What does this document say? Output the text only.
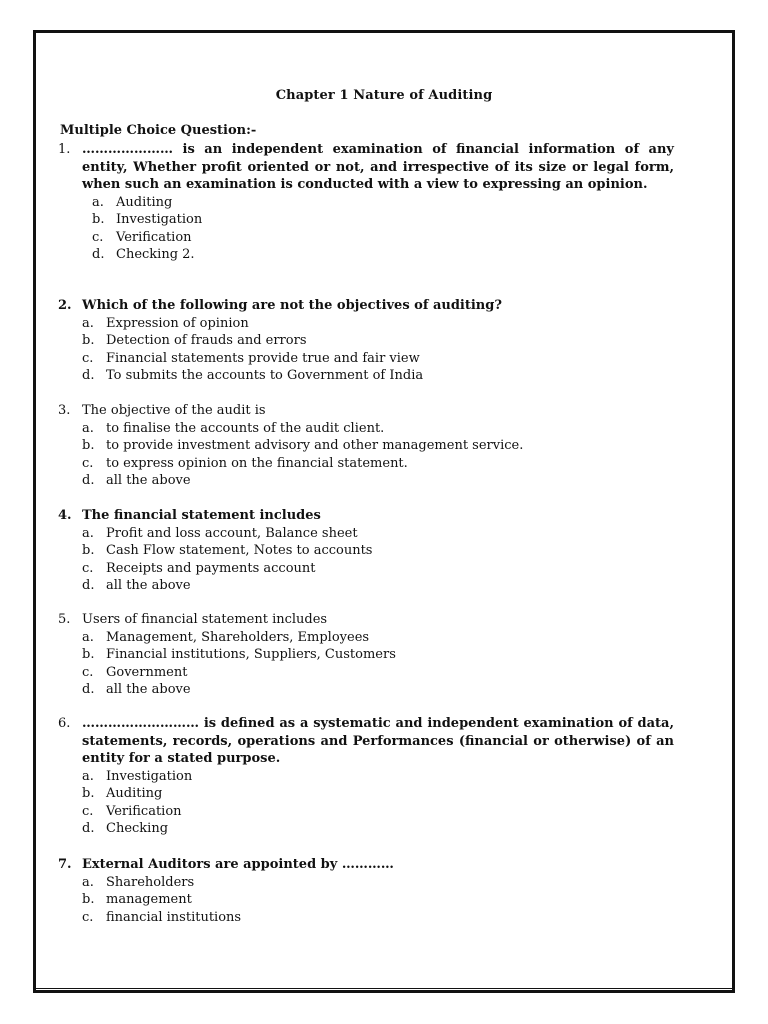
Chapter 1 Nature of Auditing
Multiple Choice Question:-
1. ………………… is an independent examination of financial information of any entity, Whether profit oriented or not, and irrespective of its size or legal form, when such an examination is conducted with a view to expressing an opinion.
a. Auditing
b. Investigation
c. Verification
d. Checking 2.
2. Which of the following are not the objectives of auditing?
a. Expression of opinion
b. Detection of frauds and errors
c. Financial statements provide true and fair view
d. To submits the accounts to Government of India
3. The objective of the audit is
a. to finalise the accounts of the audit client.
b. to provide investment advisory and other management service.
c. to express opinion on the financial statement.
d. all the above
4. The financial statement includes
a. Profit and loss account, Balance sheet
b. Cash Flow statement, Notes to accounts
c. Receipts and payments account
d. all the above
5. Users of financial statement includes
a. Management, Shareholders, Employees
b. Financial institutions, Suppliers, Customers
c. Government
d. all the above
6. ……………………… is defined as a systematic and independent examination of data, statements, records, operations and Performances (financial or otherwise) of an entity for a stated purpose.
a. Investigation
b. Auditing
c. Verification
d. Checking
7. External Auditors are appointed by …………
a. Shareholders
b. management
c. financial institutions
